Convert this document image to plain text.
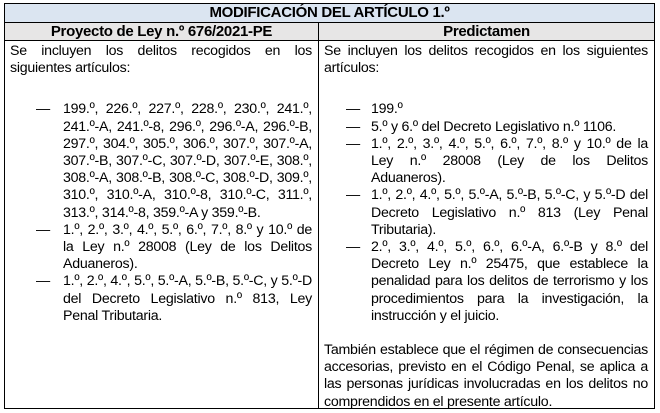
MODIFICACIÓN DEL ARTÍCULO 1.º
Proyecto de Ley n.º 676/2021-PE	Predictamen

Se incluyen los delitos recogidos en los siguientes artículos:

— 199.º, 226.º, 227.º, 228.º, 230.º, 241.º, 241.º-A, 241.º-8, 296.º, 296.º-A, 296.º-B, 297.º, 304.º, 305.º, 306.º, 307.º, 307.º-A, 307.º-B, 307.º-C, 307.º-D, 307.º-E, 308.º, 308.º-A, 308.º-B, 308.º-C, 308.º-D, 309.º, 310.º, 310.º-A, 310.º-8, 310.º-C, 311.º, 313.º, 314.º-8, 359.º-A y 359.º-B.
— 1.º, 2.º, 3.º, 4.º, 5.º, 6.º, 7.º, 8.º y 10.º de la Ley n.º 28008 (Ley de los Delitos Aduaneros).
— 1.º, 2.º, 4.º, 5.º, 5.º-A, 5.º-B, 5.º-C, y 5.º-D del Decreto Legislativo n.º 813, Ley Penal Tributaria.

Se incluyen los delitos recogidos en los siguientes artículos:

— 199.º
— 5.º y 6.º del Decreto Legislativo n.º 1106.
— 1.º, 2.º, 3.º, 4.º, 5.º, 6.º, 7.º, 8.º y 10.º de la Ley n.º 28008 (Ley de los Delitos Aduaneros).
— 1.º, 2.º, 4.º, 5.º, 5.º-A, 5.º-B, 5.º-C, y 5.º-D del Decreto Legislativo n.º 813 (Ley Penal Tributaria).
— 2.º, 3.º, 4.º, 5.º, 6.º, 6.º-A, 6.º-B y 8.º del Decreto Ley n.º 25475, que establece la penalidad para los delitos de terrorismo y los procedimientos para la investigación, la instrucción y el juicio.

También establece que el régimen de consecuencias accesorias, previsto en el Código Penal, se aplica a las personas jurídicas involucradas en los delitos no comprendidos en el presente artículo.
